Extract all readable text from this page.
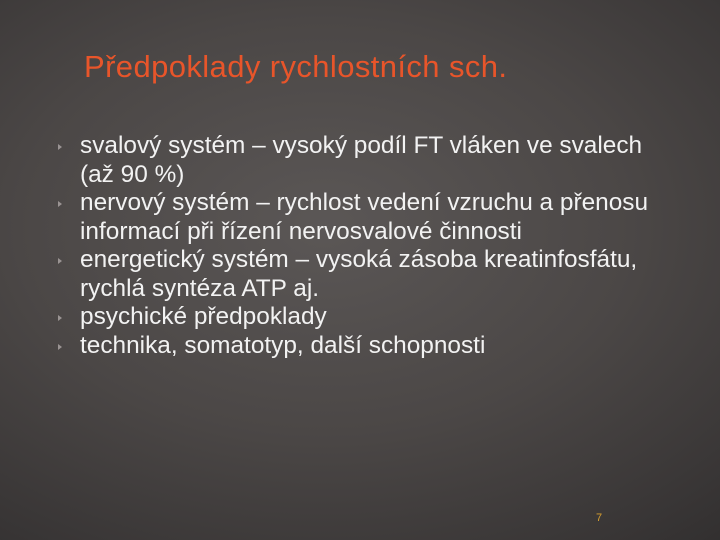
Předpoklady rychlostních sch.
svalový systém – vysoký podíl FT vláken ve svalech (až 90 %)
nervový systém – rychlost vedení vzruchu a přenosu informací při řízení nervosvalové činnosti
energetický systém – vysoká zásoba kreatinfosfátu, rychlá syntéza ATP aj.
psychické předpoklady
technika, somatotyp, další schopnosti
7
